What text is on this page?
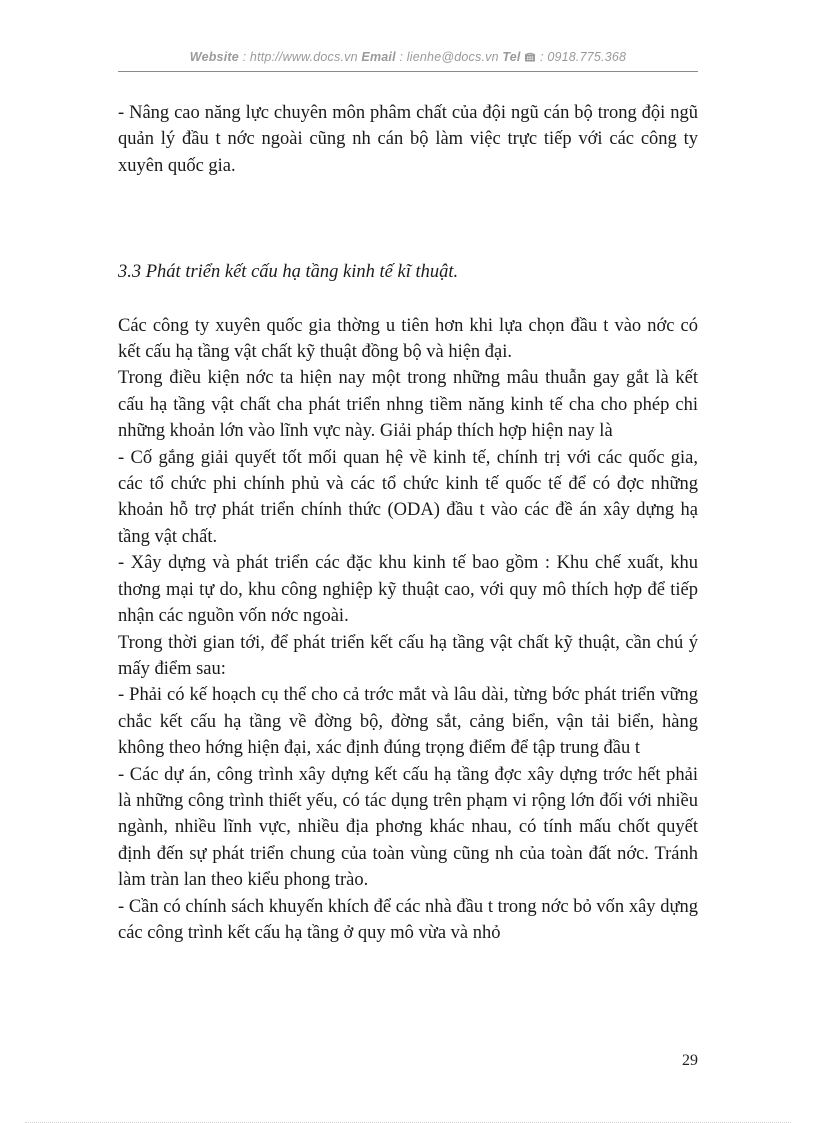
Website : http://www.docs.vn Email : lienhe@docs.vn Tel  : 0918.775.368

- Nâng cao năng lực chuyên môn phâm chất của đội ngũ cán bộ trong đội ngũ quản lý đầu t nớc ngoài cũng nh cán bộ làm việc trực tiếp với các công ty xuyên quốc gia.

3.3 Phát triển kết cấu hạ tầng kinh tế kĩ thuật.

Các công ty xuyên quốc gia thờng u tiên hơn khi lựa chọn đầu t vào nớc có kết cấu hạ tầng vật chất kỹ thuật đồng bộ và hiện đại.

Trong điều kiện nớc ta hiện nay một trong những mâu thuẫn gay gắt là kết cấu hạ tầng vật chất cha phát triển nhng tiềm năng kinh tế cha cho phép chi những khoản lớn vào lĩnh vực này. Giải pháp thích hợp hiện nay là

- Cố gắng giải quyết tốt mối quan hệ về kinh tế, chính trị với các quốc gia, các tổ chức phi chính phủ và các tổ chức kinh tế quốc tế để có đợc những khoản hỗ trợ phát triển chính thức (ODA) đầu t vào các đề án xây dựng hạ tầng vật chất.

- Xây dựng và phát triển các đặc khu kinh tế bao gồm : Khu chế xuất, khu thơng mại tự do, khu công nghiệp kỹ thuật cao, với quy mô thích hợp để tiếp nhận các nguồn vốn nớc ngoài.

Trong thời gian tới, để phát triển kết cấu hạ tầng vật chất kỹ thuật, cần chú ý mấy điểm sau:

- Phải có kế hoạch cụ thể cho cả trớc mắt và lâu dài, từng bớc phát triển vững chắc kết cấu hạ tầng về đờng bộ, đờng sắt, cảng biển, vận tải biển, hàng không theo hớng hiện đại, xác định đúng trọng điểm để tập trung đầu t

- Các dự án, công trình xây dựng kết cấu hạ tầng đợc xây dựng trớc hết phải là những công trình thiết yếu, có tác dụng trên phạm vi rộng lớn đối với nhiều ngành, nhiều lĩnh vực, nhiều địa phơng khác nhau, có tính mấu chốt quyết định đến sự phát triển chung của toàn vùng cũng nh của toàn đất nớc. Tránh làm tràn lan theo kiểu phong trào.

- Cần có chính sách khuyến khích để các nhà đầu t trong nớc bỏ vốn xây dựng các công trình kết cấu hạ tầng ở quy mô vừa và nhỏ

29
